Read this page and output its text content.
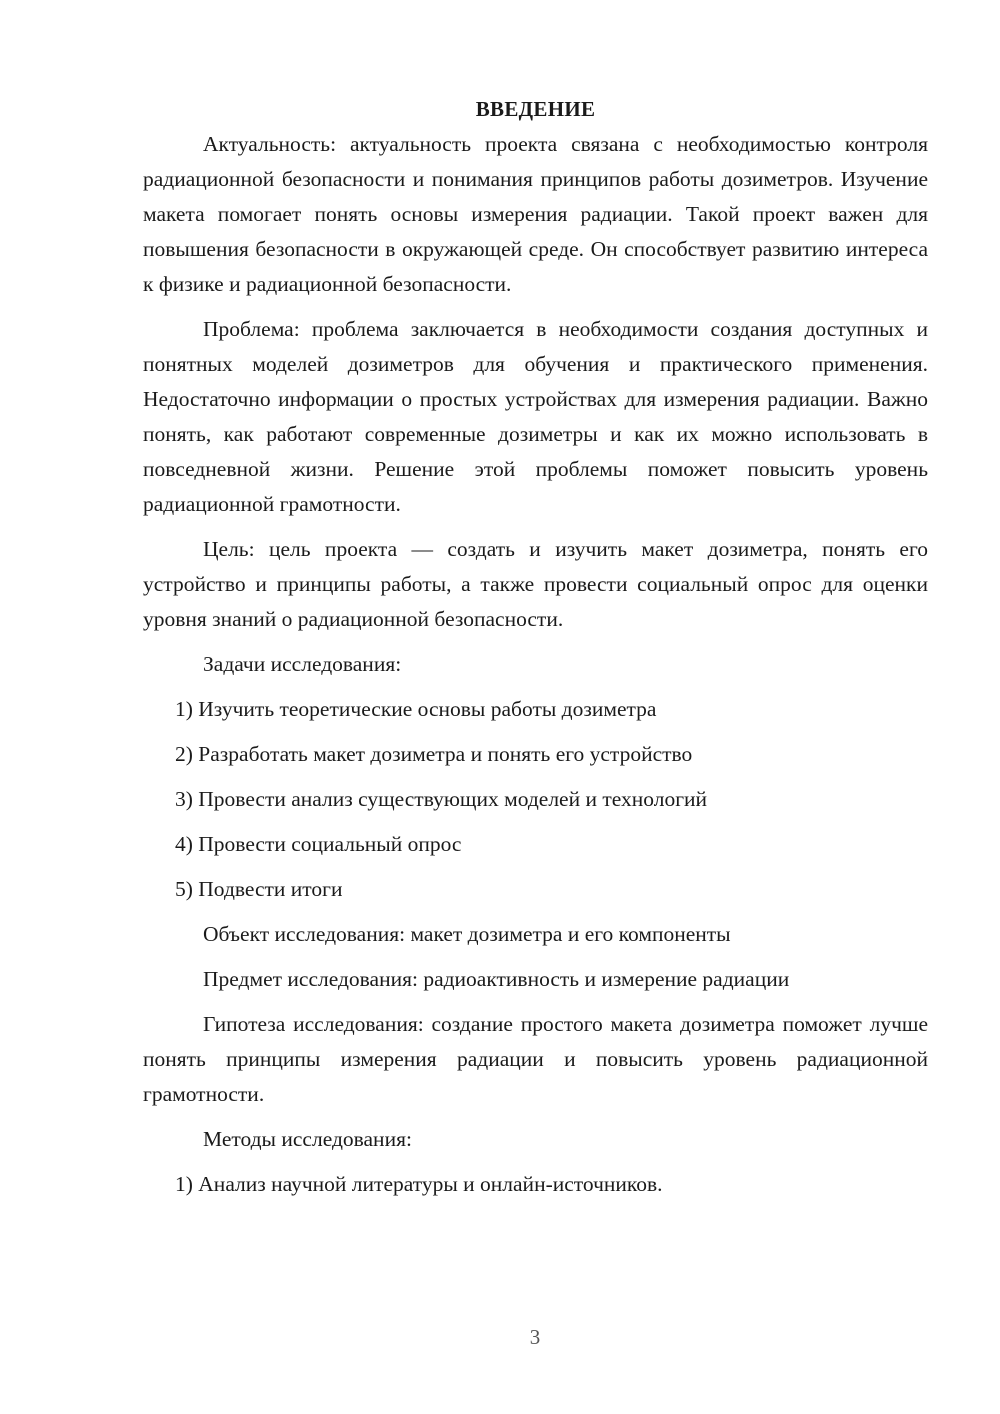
ВВЕДЕНИЕ

Актуальность: актуальность проекта связана с необходимостью контроля радиационной безопасности и понимания принципов работы дозиметров. Изучение макета помогает понять основы измерения радиации. Такой проект важен для повышения безопасности в окружающей среде. Он способствует развитию интереса к физике и радиационной безопасности.

Проблема: проблема заключается в необходимости создания доступных и понятных моделей дозиметров для обучения и практического применения. Недостаточно информации о простых устройствах для измерения радиации. Важно понять, как работают современные дозиметры и как их можно использовать в повседневной жизни. Решение этой проблемы поможет повысить уровень радиационной грамотности.

Цель: цель проекта — создать и изучить макет дозиметра, понять его устройство и принципы работы, а также провести социальный опрос для оценки уровня знаний о радиационной безопасности.

Задачи исследования:

1) Изучить теоретические основы работы дозиметра

2) Разработать макет дозиметра и понять его устройство

3) Провести анализ существующих моделей и технологий

4) Провести социальный опрос

5) Подвести итоги

Объект исследования: макет дозиметра и его компоненты

Предмет исследования: радиоактивность и измерение радиации

Гипотеза исследования: создание простого макета дозиметра поможет лучше понять принципы измерения радиации и повысить уровень радиационной грамотности.

Методы исследования:

1) Анализ научной литературы и онлайн-источников.

3
